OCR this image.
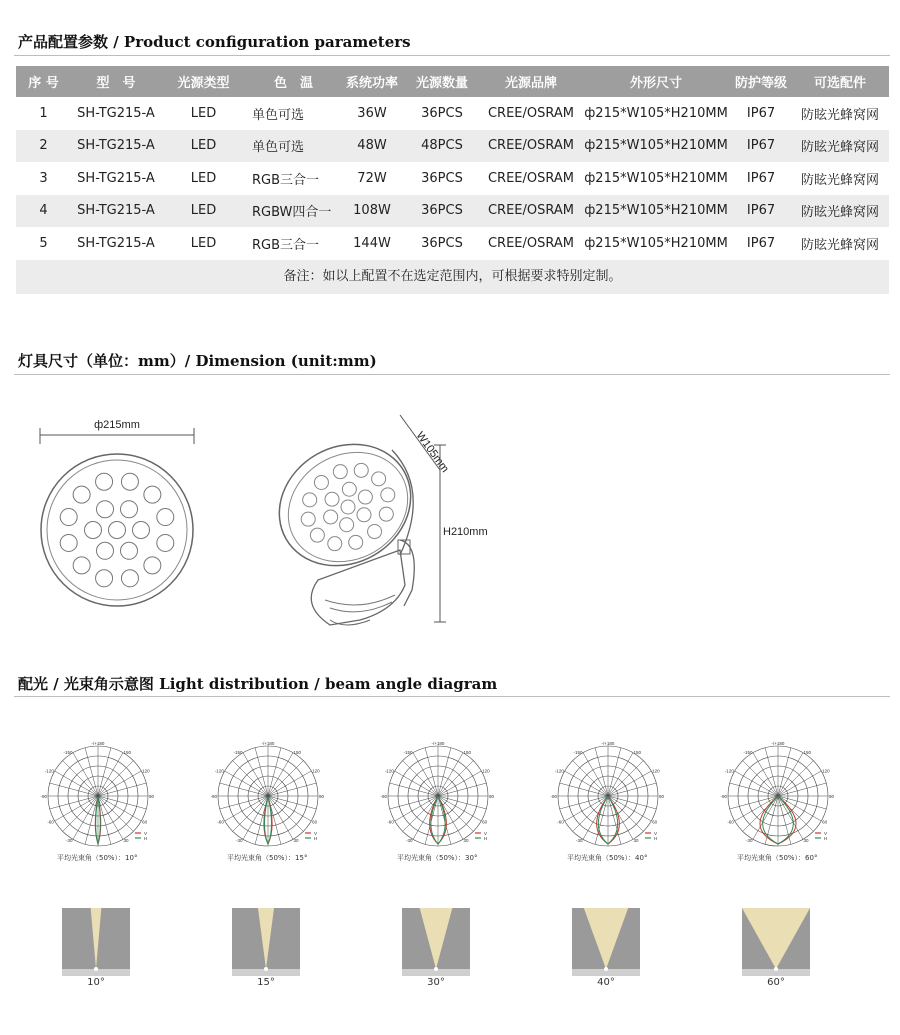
产品配置参数 / Product configuration parameters
序 号	型　号	光源类型	色　温	系统功率	光源数量	光源品牌	外形尺寸	防护等级	可选配件
1	SH-TG215-A	LED	单色可选	36W	36PCS	CREE/OSRAM ф215*W105*H210MM	IP67	防眩光蜂窝网
2	SH-TG215-A	LED	单色可选	48W	48PCS	CREE/OSRAM ф215*W105*H210MM	IP67	防眩光蜂窝网
3	SH-TG215-A	LED	RGB三合一	72W	36PCS	CREE/OSRAM ф215*W105*H210MM	IP67	防眩光蜂窝网
4	SH-TG215-A	LED	RGBW四合一	108W	36PCS	CREE/OSRAM ф215*W105*H210MM	IP67	防眩光蜂窝网
5	SH-TG215-A	LED	RGB三合一	144W	36PCS	CREE/OSRAM ф215*W105*H210MM	IP67	防眩光蜂窝网
备注：如以上配置不在选定范围内，可根据要求特别定制。
灯具尺寸（单位：mm）/ Dimension (unit:mm)
ф215mm
W105mm
H210mm
配光 / 光束角示意图 Light distribution / beam angle diagram
-/+180
-150	150
-120	120
-90	90
-60	60
-30	30
V
H
平均光束角（50%）：10°
-/+180
-150	150
-120	120
-90	90
-60	60
-30	30
V
H
平均光束角（50%）：15°
-/+180
-150	150
-120	120
-90	90
-60	60
-30	30
V
H
平均光束角（50%）：30°
-/+180
-150	150
-120	120
-90	90
-60	60
-30	30
V
H
平均光束角（50%）：40°
-/+180
-150	150
-120	120
-90	90
-60	60
-30	30
V
H
平均光束角（50%）：60°
10°	15°	30°	40°	60°
